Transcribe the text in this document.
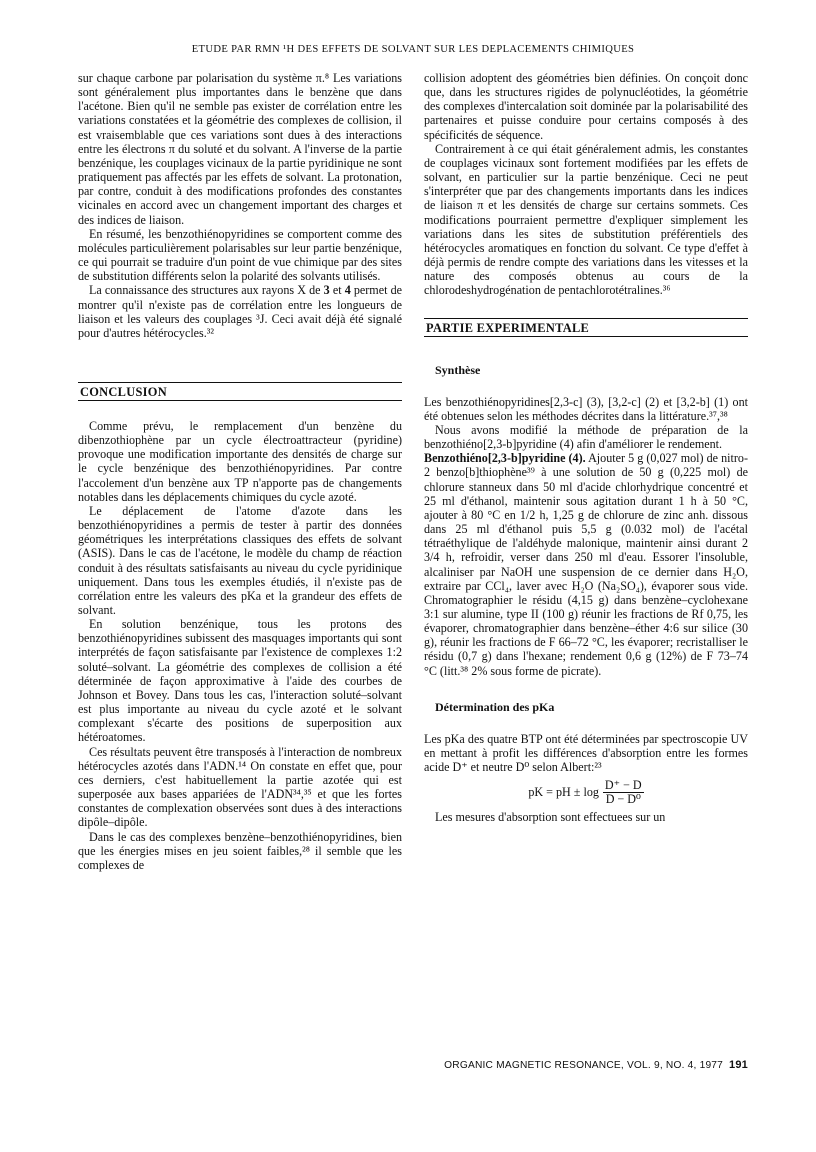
ETUDE PAR RMN ¹H DES EFFETS DE SOLVANT SUR LES DEPLACEMENTS CHIMIQUES

sur chaque carbone par polarisation du système π.⁸ Les variations sont généralement plus importantes dans le benzène que dans l'acétone. Bien qu'il ne semble pas exister de corrélation entre les variations constatées et la géométrie des complexes de collision, il est vraisemblable que ces variations sont dues à des interactions entre les électrons π du soluté et du solvant. A l'inverse de la partie benzénique, les couplages vicinaux de la partie pyridinique ne sont pratiquement pas affectés par les effets de solvant. La protonation, par contre, conduit à des modifications profondes des constantes vicinales en accord avec un changement important des charges et des indices de liaison.

En résumé, les benzothiénopyridines se comportent comme des molécules particulièrement polarisables sur leur partie benzénique, ce qui pourrait se traduire d'un point de vue chimique par des sites de substitution différents selon la polarité des solvants utilisés.

La connaissance des structures aux rayons X de 3 et 4 permet de montrer qu'il n'existe pas de corrélation entre les longueurs de liaison et les valeurs des couplages ³J. Ceci avait déjà été signalé pour d'autres hétérocycles.³²

CONCLUSION

Comme prévu, le remplacement d'un benzène du dibenzothiophène par un cycle électroattracteur (pyridine) provoque une modification importante des densités de charge sur le cycle benzénique des benzothiénopyridines. Par contre l'accolement d'un benzène aux TP n'apporte pas de changements notables dans les déplacements chimiques du cycle azoté.

Le déplacement de l'atome d'azote dans les benzothiénopyridines a permis de tester à partir des données géométriques les interprétations classiques des effets de solvant (ASIS). Dans le cas de l'acétone, le modèle du champ de réaction conduit à des résultats satisfaisants au niveau du cycle pyridinique uniquement. Dans tous les exemples étudiés, il n'existe pas de corrélation entre les valeurs des pKa et la grandeur des effets de solvant.

En solution benzénique, tous les protons des benzothiénopyridines subissent des masquages importants qui sont interprétés de façon satisfaisante par l'existence de complexes 1:2 soluté–solvant. La géométrie des complexes de collision a été déterminée de façon approximative à l'aide des courbes de Johnson et Bovey. Dans tous les cas, l'interaction soluté–solvant est plus importante au niveau du cycle azoté et le solvant complexant s'écarte des positions de superposition aux hétéroatomes.

Ces résultats peuvent être transposés à l'interaction de nombreux hétérocycles azotés dans l'ADN.¹⁴ On constate en effet que, pour ces derniers, c'est habituellement la partie azotée qui est superposée aux bases appariées de l'ADN³⁴,³⁵ et que les fortes constantes de complexation observées sont dues à des interactions dipôle–dipôle.

Dans le cas des complexes benzène–benzothiénopyridines, bien que les énergies mises en jeu soient faibles,²⁸ il semble que les complexes de

collision adoptent des géométries bien définies. On conçoit donc que, dans les structures rigides de polynucléotides, la géométrie des complexes d'intercalation soit dominée par la polarisabilité des partenaires et puisse conduire pour certains composés à des spécificités de séquence.

Contrairement à ce qui était généralement admis, les constantes de couplages vicinaux sont fortement modifiées par les effets de solvant, en particulier sur la partie benzénique. Ceci ne peut s'interpréter que par des changements importants dans les indices de liaison π et les densités de charge sur certains sommets. Ces modifications pourraient permettre d'expliquer simplement les variations dans les sites de substitution préférentiels des hétérocycles aromatiques en fonction du solvant. Ce type d'effet à déjà permis de rendre compte des variations dans les vitesses et la nature des composés obtenus au cours de la chlorodeshydrogénation de pentachlorotétralines.³⁶

PARTIE EXPERIMENTALE

Synthèse

Les benzothiénopyridines[2,3-c] (3), [3,2-c] (2) et [3,2-b] (1) ont été obtenues selon les méthodes décrites dans la littérature.³⁷,³⁸

Nous avons modifié la méthode de préparation de la benzothiéno[2,3-b]pyridine (4) afin d'améliorer le rendement.

Benzothiéno[2,3-b]pyridine (4). Ajouter 5 g (0,027 mol) de nitro-2 benzo[b]thiophène³⁹ à une solution de 50 g (0,225 mol) de chlorure stanneux dans 50 ml d'acide chlorhydrique concentré et 25 ml d'éthanol, maintenir sous agitation durant 1 h à 50 °C, ajouter à 80 °C en 1/2 h, 1,25 g de chlorure de zinc anh. dissous dans 25 ml d'éthanol puis 5,5 g (0.032 mol) de l'acétal tétraéthylique de l'aldéhyde malonique, maintenir ainsi durant 2 3/4 h, refroidir, verser dans 250 ml d'eau. Essorer l'insoluble, alcaliniser par NaOH une suspension de ce dernier dans H₂O, extraire par CCl₄, laver avec H₂O (Na₂SO₄), évaporer sous vide. Chromatographier le résidu (4,15 g) dans benzène–cyclohexane 3:1 sur alumine, type II (100 g) réunir les fractions de Rf 0,75, les évaporer, chromatographier dans benzène–éther 4:6 sur silice (30 g), réunir les fractions de F 66–72 °C, les évaporer; recristalliser le résidu (0,7 g) dans l'hexane; rendement 0,6 g (12%) de F 73–74 °C (litt.³⁸ 2% sous forme de picrate).

Détermination des pKa

Les pKa des quatre BTP ont été déterminées par spectroscopie UV en mettant à profit les différences d'absorption entre les formes acide D⁺ et neutre D⁰ selon Albert:²³

pK = pH ± $\log \frac{D^+ - D}{\text{D − D⁰}}$

Les mesures d'absorption sont effectuees sur un

ORGANIC MAGNETIC RESONANCE, VOL. 9, NO. 4, 1977 191
